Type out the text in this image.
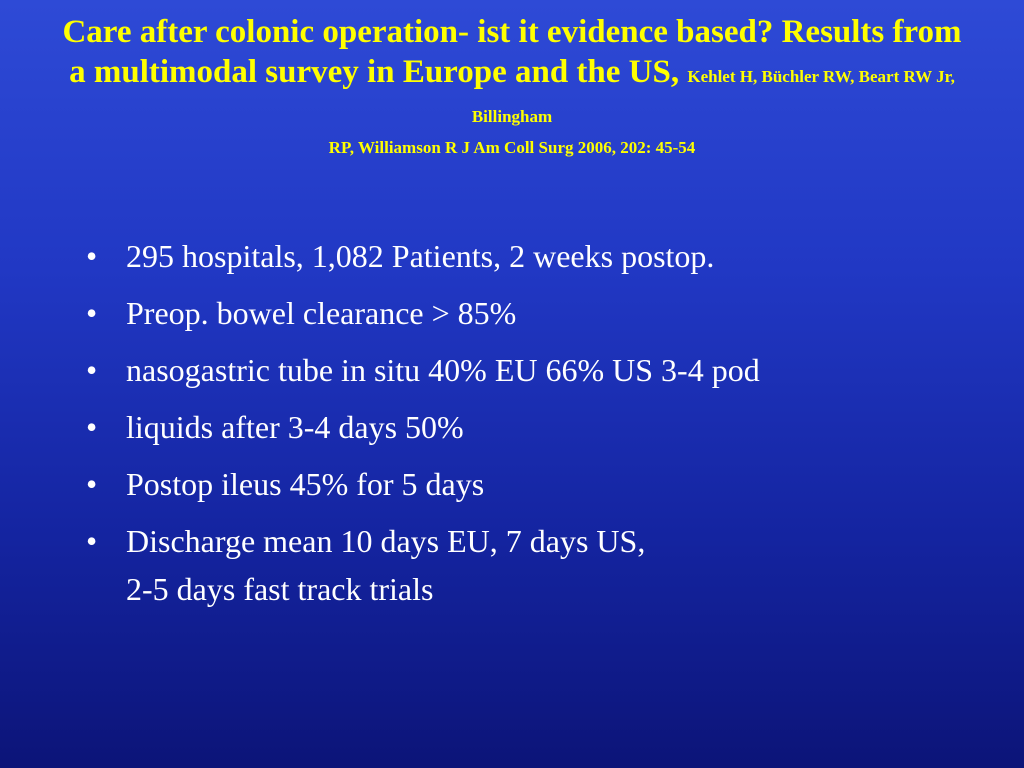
Care after colonic operation- ist it evidence based? Results from a multimodal survey in Europe and the US, Kehlet H, Büchler RW, Beart RW Jr, Billingham
RP, Williamson R J Am Coll Surg 2006, 202: 45-54
• 295 hospitals, 1,082 Patients, 2 weeks postop.
• Preop. bowel clearance > 85%
• nasogastric tube in situ 40% EU 66% US 3-4 pod
• liquids after 3-4 days 50%
• Postop ileus 45% for 5 days
• Discharge mean 10 days EU, 7 days US,
2-5 days fast track trials
